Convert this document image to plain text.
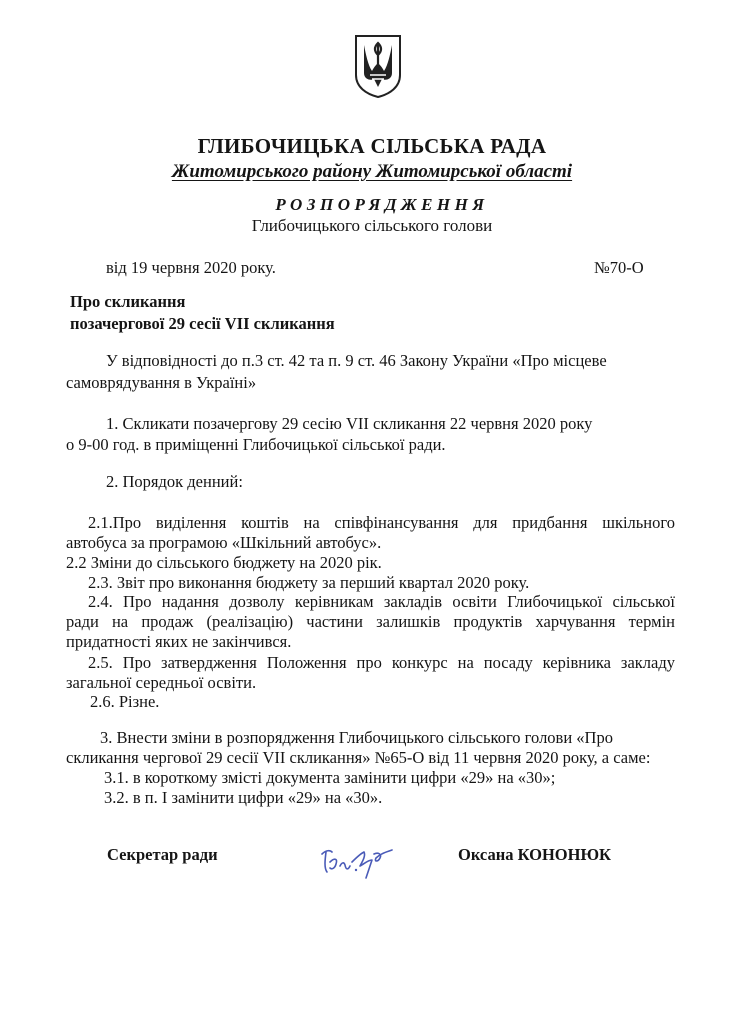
ГЛИБОЧИЦЬКА СІЛЬСЬКА РАДА
Житомирського району Житомирської області
РОЗПОРЯДЖЕННЯ
Глибочицького сільського голови
від 19 червня 2020 року.	№70-О
Про скликання
позачергової 29 сесії VII скликання
У відповідності до п.3 ст. 42 та п. 9 ст. 46 Закону України «Про місцеве
самоврядування в Україні»
1. Скликати позачергову 29 сесію VII скликання 22 червня 2020 року
о 9-00 год. в приміщенні Глибочицької сільської ради.
2. Порядок денний:
2.1.Про виділення коштів на співфінансування для придбання шкільного
автобуса за програмою «Шкільний автобус».
2.2 Зміни до сільського бюджету на 2020 рік.
2.3. Звіт про виконання бюджету за перший квартал 2020 року.
2.4. Про надання дозволу керівникам закладів освіти Глибочицької сільської
ради на продаж (реалізацію) частини залишків продуктів харчування термін
придатності яких не закінчився.
2.5. Про затвердження Положення про конкурс на посаду керівника закладу
загальної середньої освіти.
2.6. Різне.
3. Внести зміни в розпорядження Глибочицького сільського голови «Про
скликання чергової 29 сесії VII скликання» №65-О від 11 червня 2020 року, а саме:
3.1. в короткому змісті документа замінити цифри «29» на «30»;
3.2. в п. І замінити цифри «29» на «30».
Секретар ради	Оксана КОНОНЮК
